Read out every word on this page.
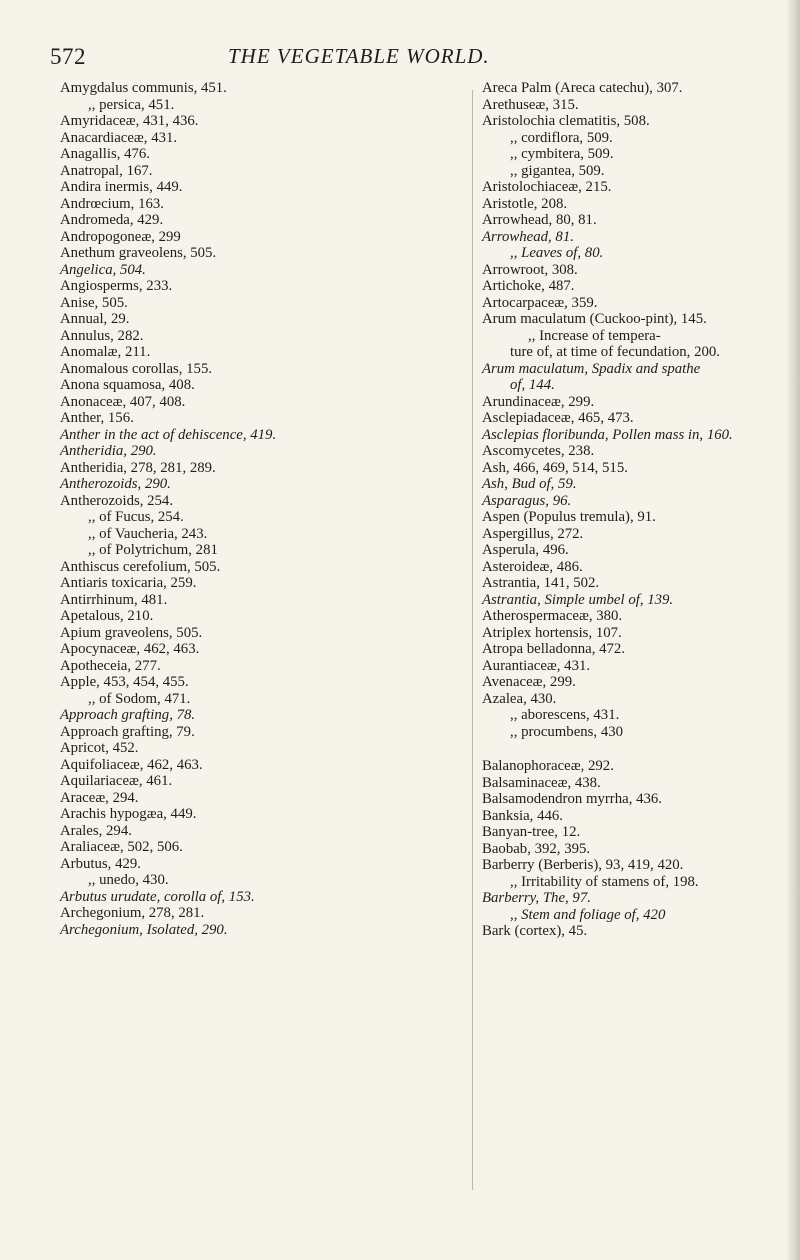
572	THE VEGETABLE WORLD.
Amygdalus communis, 451.
,, persica, 451.
Amyridaceæ, 431, 436.
Anacardiaceæ, 431.
Anagallis, 476.
Anatropal, 167.
Andira inermis, 449.
Andrœcium, 163.
Andromeda, 429.
Andropogoneæ, 299
Anethum graveolens, 505.
Angelica, 504.
Angiosperms, 233.
Anise, 505.
Annual, 29.
Annulus, 282.
Anomalæ, 211.
Anomalous corollas, 155.
Anona squamosa, 408.
Anonaceæ, 407, 408.
Anther, 156.
Anther in the act of dehiscence, 419.
Antheridia, 290.
Antheridia, 278, 281, 289.
Antherozoids, 290.
Antherozoids, 254.
,, of Fucus, 254.
,, of Vaucheria, 243.
,, of Polytrichum, 281
Anthiscus cerefolium, 505.
Antiaris toxicaria, 259.
Antirrhinum, 481.
Apetalous, 210.
Apium graveolens, 505.
Apocynaceæ, 462, 463.
Apotheceia, 277.
Apple, 453, 454, 455.
,, of Sodom, 471.
Approach grafting, 78.
Approach grafting, 79.
Apricot, 452.
Aquifoliaceæ, 462, 463.
Aquilariaceæ, 461.
Araceæ, 294.
Arachis hypogæa, 449.
Arales, 294.
Araliaceæ, 502, 506.
Arbutus, 429.
,, unedo, 430.
Arbutus urudate, corolla of, 153.
Archegonium, 278, 281.
Archegonium, Isolated, 290.
Areca Palm (Areca catechu), 307.
Arethuseæ, 315.
Aristolochia clematitis, 508.
,, cordiflora, 509.
,, cymbitera, 509.
,, gigantea, 509.
Aristolochiaceæ, 215.
Aristotle, 208.
Arrowhead, 80, 81.
Arrowhead, 81.
,, Leaves of, 80.
Arrowroot, 308.
Artichoke, 487.
Artocarpaceæ, 359.
Arum maculatum (Cuckoo-pint), 145.
,, Increase of tempera-
ture of, at time of fecundation, 200.
Arum maculatum, Spadix and spathe
of, 144.
Arundinaceæ, 299.
Asclepiadaceæ, 465, 473.
Asclepias floribunda, Pollen mass in, 160.
Ascomycetes, 238.
Ash, 466, 469, 514, 515.
Ash, Bud of, 59.
Asparagus, 96.
Aspen (Populus tremula), 91.
Aspergillus, 272.
Asperula, 496.
Asteroideæ, 486.
Astrantia, 141, 502.
Astrantia, Simple umbel of, 139.
Atherospermaceæ, 380.
Atriplex hortensis, 107.
Atropa belladonna, 472.
Aurantiaceæ, 431.
Avenaceæ, 299.
Azalea, 430.
,, aborescens, 431.
,, procumbens, 430
Balanophoraceæ, 292.
Balsaminaceæ, 438.
Balsamodendron myrrha, 436.
Banksia, 446.
Banyan-tree, 12.
Baobab, 392, 395.
Barberry (Berberis), 93, 419, 420.
,, Irritability of stamens of, 198.
Barberry, The, 97.
,, Stem and foliage of, 420
Bark (cortex), 45.
